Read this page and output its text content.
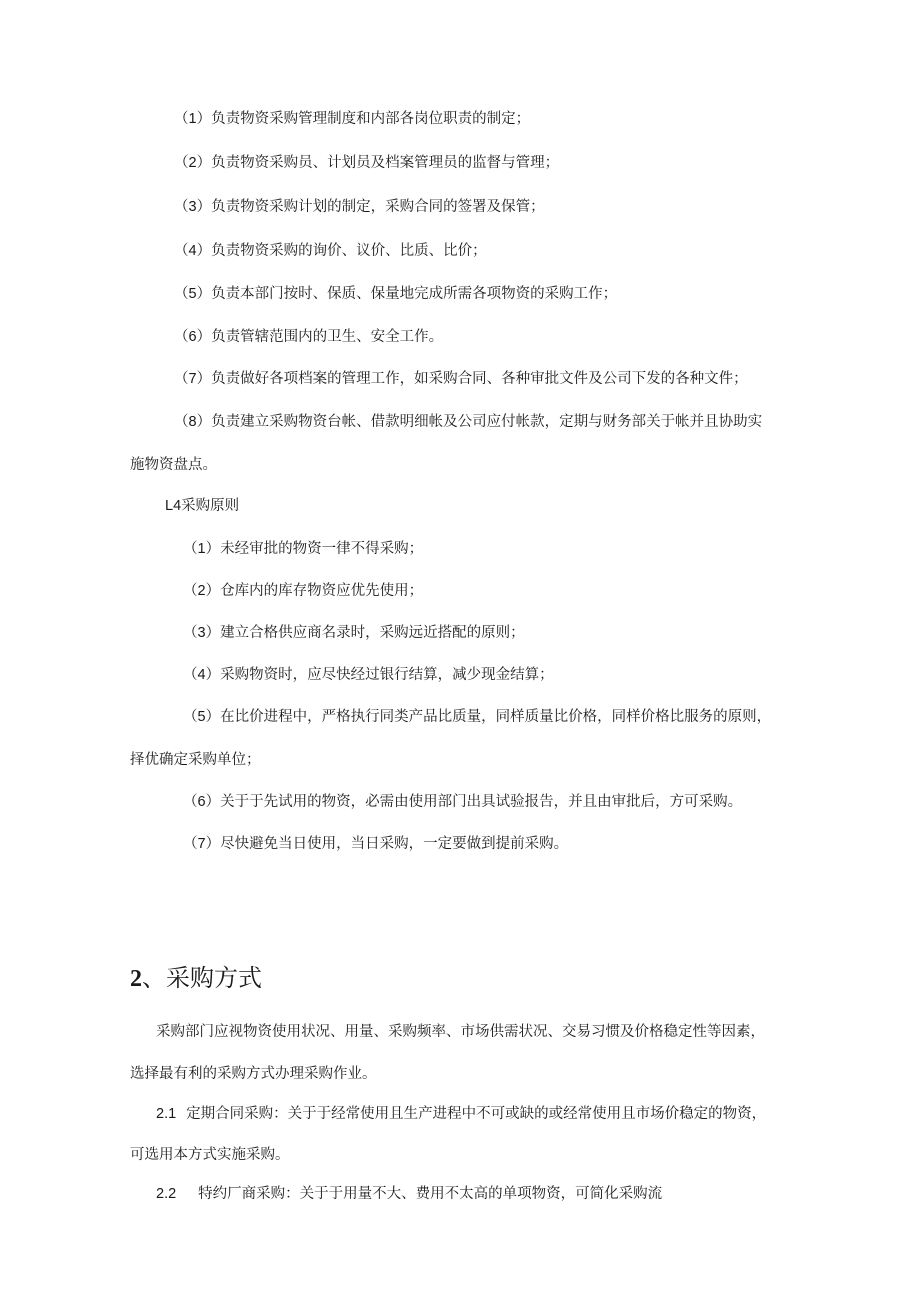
（1）负责物资采购管理制度和内部各岗位职责的制定；
（2）负责物资采购员、计划员及档案管理员的监督与管理；
（3）负责物资采购计划的制定，采购合同的签署及保管；
（4）负责物资采购的询价、议价、比质、比价；
（5）负责本部门按时、保质、保量地完成所需各项物资的采购工作；
（6）负责管辖范围内的卫生、安全工作。
（7）负责做好各项档案的管理工作，如采购合同、各种审批文件及公司下发的各种文件；
（8）负责建立采购物资台帐、借款明细帐及公司应付帐款，定期与财务部关于帐并且协助实
施物资盘点。
L4采购原则
（1）未经审批的物资一律不得采购；
（2）仓库内的库存物资应优先使用；
（3）建立合格供应商名录时，采购远近搭配的原则；
（4）采购物资时，应尽快经过银行结算，减少现金结算；
（5）在比价进程中，严格执行同类产品比质量，同样质量比价格，同样价格比服务的原则，
择优确定采购单位；
（6）关于于先试用的物资，必需由使用部门出具试验报告，并且由审批后，方可采购。
（7）尽快避免当日使用，当日采购，一定要做到提前采购。
2、采购方式
采购部门应视物资使用状况、用量、采购频率、市场供需状况、交易习惯及价格稳定性等因素，
选择最有利的采购方式办理采购作业。
2.1 定期合同采购：关于于经常使用且生产进程中不可或缺的或经常使用且市场价稳定的物资，
可选用本方式实施采购。
2.2 特约厂商采购：关于于用量不大、费用不太高的单项物资，可简化采购流
